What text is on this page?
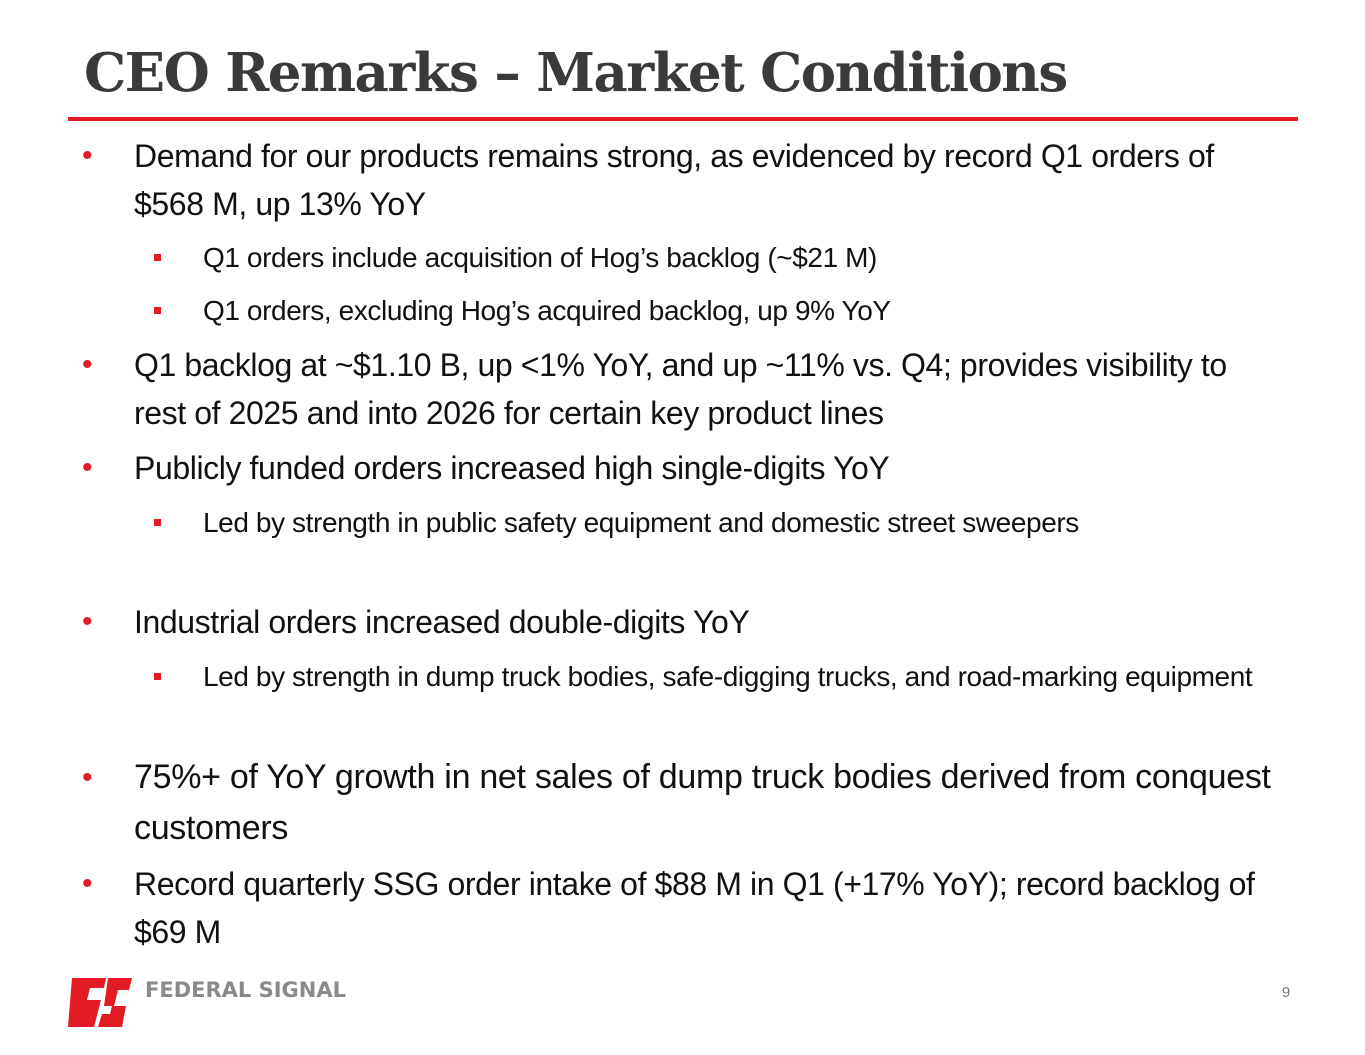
CEO Remarks – Market Conditions
• Demand for our products remains strong, as evidenced by record Q1 orders of $568 M, up 13% YoY
Q1 orders include acquisition of Hog’s backlog (~$21 M)
Q1 orders, excluding Hog’s acquired backlog, up 9% YoY
• Q1 backlog at ~$1.10 B, up <1% YoY, and up ~11% vs. Q4; provides visibility to rest of 2025 and into 2026 for certain key product lines
• Publicly funded orders increased high single-digits YoY
Led by strength in public safety equipment and domestic street sweepers
• Industrial orders increased double-digits YoY
Led by strength in dump truck bodies, safe-digging trucks, and road-marking equipment
• 75%+ of YoY growth in net sales of dump truck bodies derived from conquest customers
• Record quarterly SSG order intake of $88 M in Q1 (+17% YoY); record backlog of $69 M
FEDERAL SIGNAL	9
